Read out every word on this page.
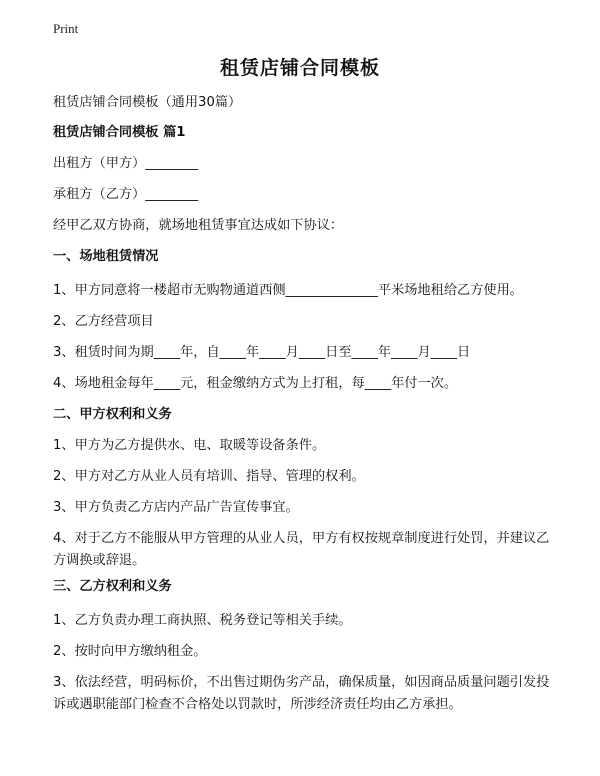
Print
租赁店铺合同模板
租赁店铺合同模板（通用30篇）
租赁店铺合同模板 篇1
出租方（甲方）________
承租方（乙方）________
经甲乙双方协商，就场地租赁事宜达成如下协议：
一、场地租赁情况
1、甲方同意将一楼超市无购物通道西侧______________平米场地租给乙方使用。
2、乙方经营项目
3、租赁时间为期____年，自____年____月____日至____年____月____日
4、场地租金每年____元，租金缴纳方式为上打租，每____年付一次。
二、甲方权利和义务
1、甲方为乙方提供水、电、取暖等设备条件。
2、甲方对乙方从业人员有培训、指导、管理的权利。
3、甲方负责乙方店内产品广告宣传事宜。
4、对于乙方不能服从甲方管理的从业人员，甲方有权按规章制度进行处罚，并建议乙方调换或辞退。
三、乙方权利和义务
1、乙方负责办理工商执照、税务登记等相关手续。
2、按时向甲方缴纳租金。
3、依法经营，明码标价，不出售过期伪劣产品，确保质量，如因商品质量问题引发投诉或遇职能部门检查不合格处以罚款时，所涉经济责任均由乙方承担。
